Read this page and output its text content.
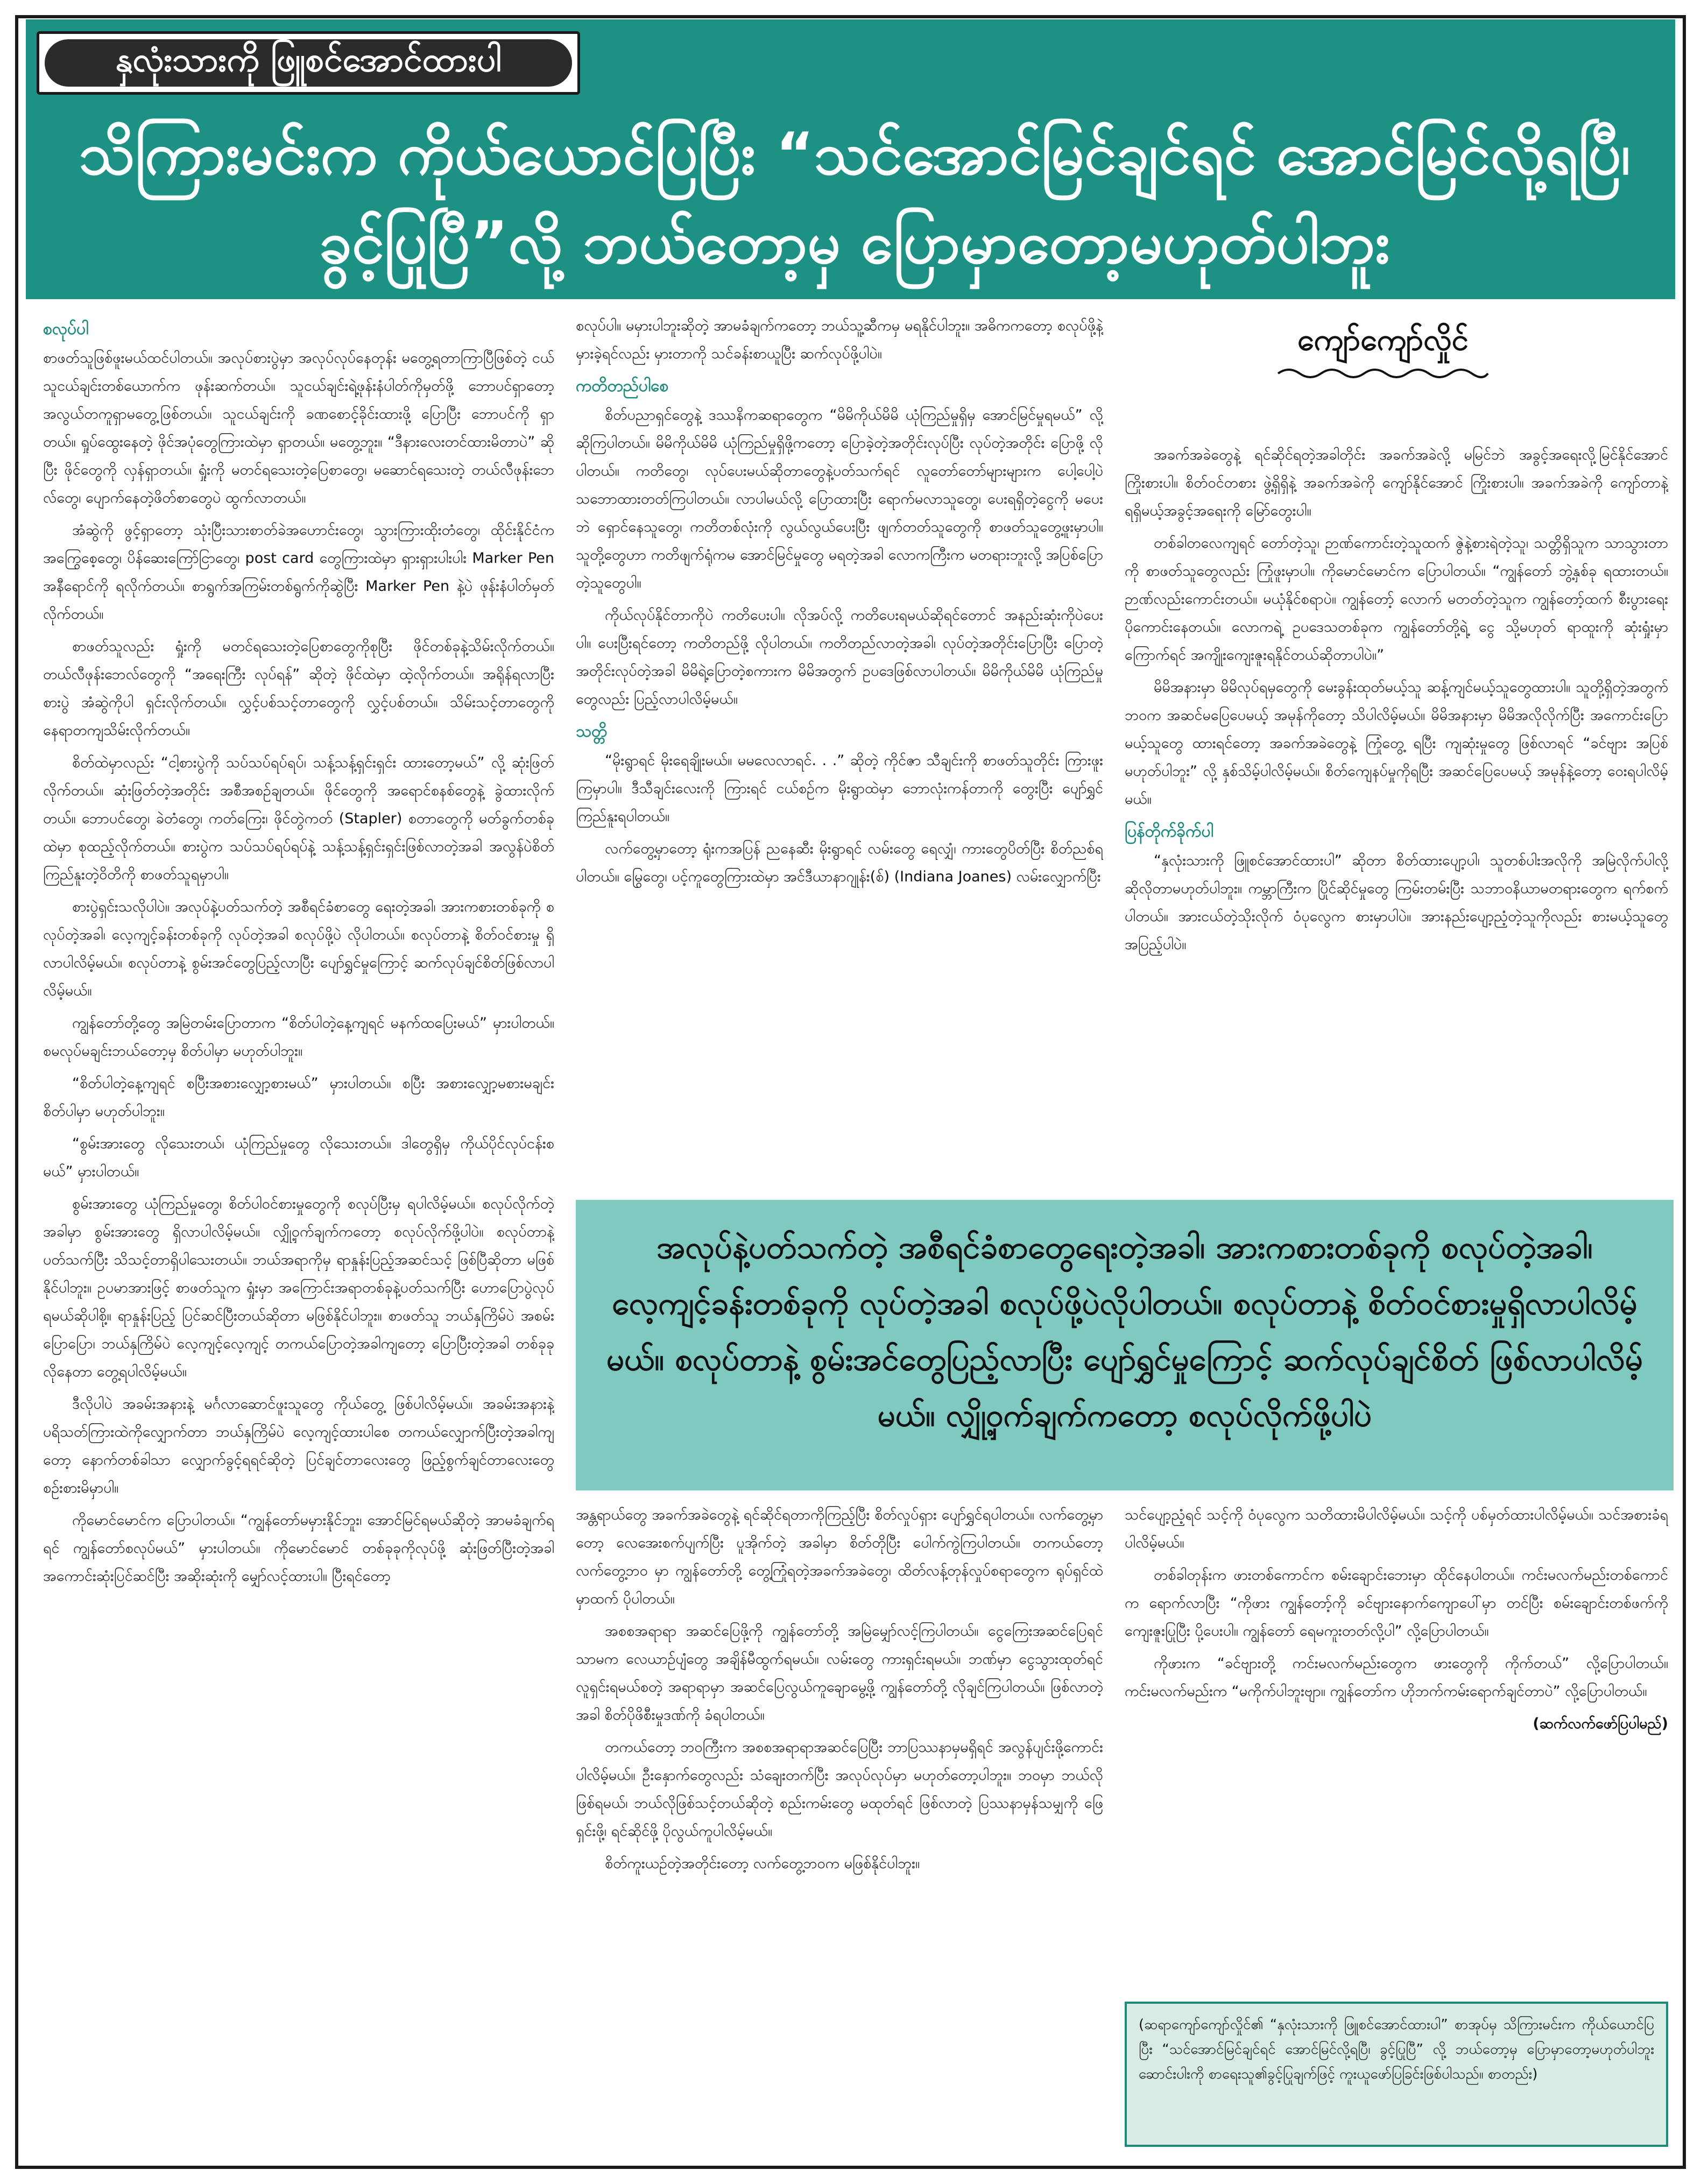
နှလုံးသားကို ဖြူစင်အောင်ထားပါ
သိကြားမင်းက ကိုယ်ယောင်ပြပြီး “သင်အောင်မြင်ချင်ရင် အောင်မြင်လို့ရပြီ၊ ခွင့်ပြုပြီ”လို့ ဘယ်တော့မှ ပြောမှာတော့မဟုတ်ပါဘူး
စလုပ်ပါ

စာဖတ်သူဖြစ်ဖူးမယ်ထင်ပါတယ်။ အလုပ်စားပွဲမှာ အလုပ်လုပ်နေတုန်း မတွေ့ရတာကြာပြီဖြစ်တဲ့ ငယ်သူငယ်ချင်းတစ်ယောက်က ဖုန်းဆက်တယ်။ သူငယ်ချင်းရဲ့ဖုန်းနံပါတ်ကိုမှတ်ဖို့ ဘောပင်ရှာတော့ အလွယ်တကူရှာမတွေ့ဖြစ်တယ်။ သူငယ်ချင်းကို ခဏစောင့်ခိုင်းထားဖို့ ပြောပြီး ဘောပင်ကို ရှာတယ်။ ရှုပ်ထွေးနေတဲ့ ဖိုင်အပုံတွေကြားထဲမှာ ရှာတယ်။ မတွေ့ဘူး။ “ဒီနားလေးတင်ထားမိတာပဲ” ဆိုပြီး ဖိုင်တွေကို လှန်ရှာတယ်။ ရှုံးကို မတင်ရသေးတဲ့ပြေစာတွေ၊ မဆောင်ရသေးတဲ့ တယ်လီဖုန်းဘေလ်တွေ၊ ပျောက်နေတဲ့ဖိတ်စာတွေပဲ ထွက်လာတယ်။

အံဆွဲကို ဖွင့်ရှာတော့ သုံးပြီးသားစာတ်ခဲအဟောင်းတွေ၊ သွားကြားထိုးတံတွေ၊ ထိုင်းနိုင်ငံက အကြွေစေ့တွေ၊ ပိန်ဆေးကြော်ငြာတွေ၊ post card တွေကြားထဲမှာ ရှားရှားပါးပါး Marker Pen အနီရောင်ကို ရလိုက်တယ်။ စာရွက်အကြမ်းတစ်ရွက်ကိုဆွဲပြီး Marker Pen နဲ့ပဲ ဖုန်းနံပါတ်မှတ်လိုက်တယ်။

စာဖတ်သူလည်း ရှုံးကို မတင်ရသေးတဲ့ပြေစာတွေကိုစုပြီး ဖိုင်တစ်ခုနဲ့သိမ်းလိုက်တယ်။ တယ်လီဖုန်းဘေလ်တွေကို “အရေးကြီး လုပ်ရန်” ဆိုတဲ့ ဖိုင်ထဲမှာ ထဲ့လိုက်တယ်။ အရိုန်ရလာပြီး စားပွဲ အံဆွဲကိုပါ ရှင်းလိုက်တယ်။ လွှင့်ပစ်သင့်တာတွေကို လွှင့်ပစ်တယ်။ သိမ်းသင့်တာတွေကို နေရာတကျသိမ်းလိုက်တယ်။

စိတ်ထဲမှာလည်း “ငါ့စားပွဲကို သပ်သပ်ရပ်ရပ်၊ သန့်သန့်ရှင်းရှင်း ထားတော့မယ်” လို့ ဆုံးဖြတ်လိုက်တယ်။ ဆုံးဖြတ်တဲ့အတိုင်း အစီအစဉ်ချတယ်။ ဖိုင်တွေကို အရောင်စနစ်တွေနဲ့ ခွဲထားလိုက်တယ်။ ဘောပင်တွေ၊ ခဲတံတွေ၊ ကတ်ကြေး၊ ဖိုင်တွဲကတ် (Stapler) စတာတွေကို မတ်ခွက်တစ်ခုထဲမှာ စုထည့်လိုက်တယ်။ စားပွဲက သပ်သပ်ရပ်ရပ်နဲ့ သန့်သန့်ရှင်းရှင်းဖြစ်လာတဲ့အခါ အလွန်ပဲစိတ်ကြည်နူးတဲ့ဝိတိကို စာဖတ်သူရမှာပါ။

စားပွဲရှင်းသလိုပါပဲ။ အလုပ်နဲ့ပတ်သက်တဲ့ အစီရင်ခံစာတွေ ရေးတဲ့အခါ၊ အားကစားတစ်ခုကို စလုပ်တဲ့အခါ၊ လေ့ကျင့်ခန်းတစ်ခုကို လုပ်တဲ့အခါ စလုပ်ဖို့ပဲ လိုပါတယ်။ စလုပ်တာနဲ့ စိတ်ဝင်စားမှု ရှိလာပါလိမ့်မယ်။ စလုပ်တာနဲ့ စွမ်းအင်တွေပြည့်လာပြီး ပျော်ရွှင်မှုကြောင့် ဆက်လုပ်ချင်စိတ်ဖြစ်လာပါလိမ့်မယ်။

ကျွန်တော်တို့တွေ အမြဲတမ်းပြောတာက “စိတ်ပါတဲ့နေ့ကျရင် မနက်ထပြေးမယ်” မှားပါတယ်။ စမလုပ်မချင်းဘယ်တော့မှ စိတ်ပါမှာ မဟုတ်ပါဘူး။

“စိတ်ပါတဲ့နေ့ကျရင် စပြီးအစားလျှော့စားမယ်” မှားပါတယ်။ စပြီး အစားလျှော့မစားမချင်း စိတ်ပါမှာ မဟုတ်ပါဘူး။

“စွမ်းအားတွေ လိုသေးတယ်၊ ယုံကြည်မှုတွေ လိုသေးတယ်။ ဒါတွေရှိမှ ကိုယ်ပိုင်လုပ်ငန်းစမယ်” မှားပါတယ်။

စွမ်းအားတွေ ယုံကြည်မှုတွေ၊ စိတ်ပါဝင်စားမှုတွေကို စလုပ်ပြီးမှ ရပါလိမ့်မယ်။ စလုပ်လိုက်တဲ့အခါမှာ စွမ်းအားတွေ ရှိလာပါလိမ့်မယ်။ လျှို့ဝှက်ချက်ကတော့ စလုပ်လိုက်ဖို့ပါပဲ။ စလုပ်တာနဲ့ပတ်သက်ပြီး သိသင့်တာရှိပါသေးတယ်။ ဘယ်အရာကိုမှ ရာနှုန်းပြည့်အဆင်သင့် ဖြစ်ပြီဆိုတာ မဖြစ်နိုင်ပါဘူး။ ဥပမာအားဖြင့် စာဖတ်သူက ရှုံးမှာ အကြောင်းအရာတစ်ခုနဲ့ပတ်သက်ပြီး ဟောပြောပွဲလုပ်ရမယ်ဆိုပါစို့။ ရာနှုန်းပြည့် ပြင်ဆင်ပြီးတယ်ဆိုတာ မဖြစ်နိုင်ပါဘူး။ စာဖတ်သူ ဘယ်နှကြိမ်ပဲ အစမ်းပြောပြော၊ ဘယ်နှကြိမ်ပဲ လေ့ကျင့်လေ့ကျင့် တကယ်ပြောတဲ့အခါကျတော့ ပြောပြီးတဲ့အခါ တစ်ခုခုလိုနေတာ တွေ့ရပါလိမ့်မယ်။

ဒီလိုပါပဲ အခမ်းအနားနဲ့ မင်္ဂလာဆောင်ဖူးသူတွေ ကိုယ်တွေ့ ဖြစ်ပါလိမ့်မယ်။ အခမ်းအနားနဲ့ ပရိသတ်ကြားထဲကိုလျှောက်တာ ဘယ်နှကြိမ်ပဲ လေ့ကျင့်ထားပါစေ တကယ်လျှောက်ပြီးတဲ့အခါကျတော့ နောက်တစ်ခါသာ လျှောက်ခွင့်ရရင်ဆိုတဲ့ ပြင်ချင်တာလေးတွေ ဖြည့်စွက်ချင်တာလေးတွေ စဉ်းစားမိမှာပါ။

ကိုမောင်မောင်က ပြောပါတယ်။ “ကျွန်တော်မမှားနိုင်ဘူး၊ အောင်မြင်ရမယ်ဆိုတဲ့ အာမခံချက်ရရင် ကျွန်တော်စလုပ်မယ်” မှားပါတယ်။ ကိုမောင်မောင် တစ်ခုခုကိုလုပ်ဖို့ ဆုံးဖြတ်ပြီးတဲ့အခါ အကောင်းဆုံးပြင်ဆင်ပြီး အဆိုးဆုံးကို မျှော်လင့်ထားပါ။ ပြီးရင်တော့

စလုပ်ပါ။ မမှားပါဘူးဆိုတဲ့ အာမခံချက်ကတော့ ဘယ်သူ့ဆီကမှ မရနိုင်ပါဘူး။ အဓိကကတော့ စလုပ်ဖို့နဲ့ မှားခဲ့ရင်လည်း မှားတာကို သင်ခန်းစာယူပြီး ဆက်လုပ်ဖို့ပါပဲ။

ကတိတည်ပါစေ

စိတ်ပညာရှင်တွေနဲ့ ဒဿနိကဆရာတွေက “မိမိကိုယ်မိမိ ယုံကြည်မှုရှိမှ အောင်မြင်မှုရမယ်” လို့ ဆိုကြပါတယ်။ မိမိကိုယ်မိမိ ယုံကြည်မှုရှိဖို့ကတော့ ပြောခဲ့တဲ့အတိုင်းလုပ်ပြီး လုပ်တဲ့အတိုင်း ပြောဖို့ လိုပါတယ်။ ကတိတွေ၊ လုပ်ပေးမယ်ဆိုတာတွေနဲ့ပတ်သက်ရင် လူတော်တော်များများက ပေါ့ပေါ့ပဲသဘောထားတတ်ကြပါတယ်။ လာပါမယ်လို့ ပြောထားပြီး ရောက်မလာသူတွေ၊ ပေးရရှိတဲ့ငွေကို မပေးဘဲ ရှောင်နေသူတွေ၊ ကတိတစ်လုံးကို လွယ်လွယ်ပေးပြီး ဖျက်တတ်သူတွေကို စာဖတ်သူတွေ့ဖူးမှာပါ။ သူတို့တွေဟာ ကတိဖျက်ရုံကမ အောင်မြင်မှုတွေ မရတဲ့အခါ လောကကြီးက မတရားဘူးလို့ အပြစ်ပြောတဲ့သူတွေပါ။

ကိုယ်လုပ်နိုင်တာကိုပဲ ကတိပေးပါ။ လိုအပ်လို့ ကတိပေးရမယ်ဆိုရင်တောင် အနည်းဆုံးကိုပဲပေးပါ။ ပေးပြီးရင်တော့ ကတိတည်ဖို့ လိုပါတယ်။ ကတိတည်လာတဲ့အခါ၊ လုပ်တဲ့အတိုင်းပြောပြီး ပြောတဲ့အတိုင်းလုပ်တဲ့အခါ မိမိရဲ့ပြောတဲ့စကားက မိမိအတွက် ဥပဒေဖြစ်လာပါတယ်။ မိမိကိုယ်မိမိ ယုံကြည်မှုတွေလည်း ပြည့်လာပါလိမ့်မယ်။

သတ္တိ

“မိုးရွာရင် မိုးရေချိုးမယ်။ မမလေလာရင်. . .” ဆိုတဲ့ ကိုင်ဇာ သီချင်းကို စာဖတ်သူတိုင်း ကြားဖူးကြမှာပါ။ ဒီသီချင်းလေးကို ကြားရင် ငယ်စဉ်က မိုးရွာထဲမှာ ဘောလုံးကန်တာကို တွေးပြီး ပျော်ရွှင်ကြည်နူးရပါတယ်။

လက်တွေ့မှာတော့ ရုံးကအပြန် ညနေဆီး မိုးရွာရင် လမ်းတွေ ရေလျှံ၊ ကားတွေပိတ်ပြီး စိတ်ညစ်ရပါတယ်။ မြွေတွေ၊ ပင့်ကူတွေကြားထဲမှာ အင်ဒီယာနာဂျုန်း(စ်) (Indiana Joanes) လမ်းလျှောက်ပြီး

ကျော်ကျော်လှိုင်

အခက်အခဲတွေနဲ့ ရင်ဆိုင်ရတဲ့အခါတိုင်း အခက်အခဲလို့ မမြင်ဘဲ အခွင့်အရေးလို့မြင်နိုင်အောင် ကြိုးစားပါ။ စိတ်ဝင်တစား ဖွဲ့ရှိရှိနဲ့ အခက်အခဲကို ကျော်နိုင်အောင် ကြိုးစားပါ။ အခက်အခဲကို ကျော်တာနဲ့ ရရှိမယ့်အခွင့်အရေးကို မြော်တွေးပါ။

တစ်ခါတလေကျရင် တော်တဲ့သူ၊ ဉာဏ်ကောင်းတဲ့သူထက် ဇွဲနဲ့စားရဲတဲ့သူ၊ သတ္တိရှိသူက သာသွားတာကို စာဖတ်သူတွေလည်း ကြုံဖူးမှာပါ။ ကိုမောင်မောင်က ပြောပါတယ်။ “ကျွန်တော် ဘွဲ့နှစ်ခု ရထားတယ်။ ဉာဏ်လည်းကောင်းတယ်။ မယုံနိုင်စရာပဲ။ ကျွန်တော့် လောက် မတတ်တဲ့သူက ကျွန်တော့်ထက် စီးပွားရေးပိုကောင်းနေတယ်။ လောကရဲ့ ဥပဒေသတစ်ခုက ကျွန်တော်တို့ရဲ့ ငွေ သို့မဟုတ် ရာထူးကို ဆုံးရှုံးမှာကြောက်ရင် အကျိုးကျေးဇူးရနိုင်တယ်ဆိုတာပါပဲ။”

မိမိအနားမှာ မိမိလုပ်ရမှတွေကို မေးခွန်းထုတ်မယ့်သူ ဆန့်ကျင်မယ့်သူတွေထားပါ။ သူတို့ရှိတဲ့အတွက် ဘဝက အဆင်မပြေပေမယ့် အမုန်ကိုတော့ သိပါလိမ့်မယ်။ မိမိအနားမှာ မိမိအလိုလိုက်ပြီး အကောင်းပြောမယ့်သူတွေ ထားရင်တော့ အခက်အခဲတွေနဲ့ ကြုံတွေ့ ရပြီး ကျဆုံးမှုတွေ ဖြစ်လာရင် “ခင်ဗျား အပြစ်မဟုတ်ပါဘူး” လို့ နှစ်သိမ့်ပါလိမ့်မယ်။ စိတ်ကျေနပ်မှုကိုရပြီး အဆင်ပြေပေမယ့် အမုန်နဲ့တော့ ဝေးရပါလိမ့်မယ်။

ပြန်တိုက်ခိုက်ပါ

“နှလုံးသားကို ဖြူစင်အောင်ထားပါ” ဆိုတာ စိတ်ထားပျော့ပါ၊ သူတစ်ပါးအလိုကို အမြဲလိုက်ပါလို့ ဆိုလိုတာမဟုတ်ပါဘူး။ ကမ္ဘာကြီးက ပြိုင်ဆိုင်မှုတွေ ကြမ်းတမ်းပြီး သဘာဝနိယာမတရားတွေက ရက်စက်ပါတယ်။ အားငယ်တဲ့သိုးလိုက် ဝံပုလွေက စားမှာပါပဲ။ အားနည်းပျော့ညံ့တဲ့သူကိုလည်း စားမယ့်သူတွေ အပြည့်ပါပဲ။

အလုပ်နဲ့ပတ်သက်တဲ့ အစီရင်ခံစာတွေရေးတဲ့အခါ၊ အားကစားတစ်ခုကို စလုပ်တဲ့အခါ၊ လေ့ကျင့်ခန်းတစ်ခုကို လုပ်တဲ့အခါ စလုပ်ဖို့ပဲလိုပါတယ်။ စလုပ်တာနဲ့ စိတ်ဝင်စားမှုရှိလာပါလိမ့်မယ်။ စလုပ်တာနဲ့ စွမ်းအင်တွေပြည့်လာပြီး ပျော်ရွှင်မှုကြောင့် ဆက်လုပ်ချင်စိတ် ဖြစ်လာပါလိမ့်မယ်။ လျှို့ဝှက်ချက်ကတော့ စလုပ်လိုက်ဖို့ပါပဲ

အန္တရာယ်တွေ အခက်အခဲတွေနဲ့ ရင်ဆိုင်ရတာကိုကြည့်ပြီး စိတ်လှုပ်ရှား ပျော်ရွှင်ရပါတယ်။ လက်တွေ့မှာတော့ လေအေးစက်ပျက်ပြီး ပူအိုက်တဲ့ အခါမှာ စိတ်တိုပြီး ပေါက်ကွဲကြပါတယ်။ တကယ်တော့ လက်တွေ့ဘဝ မှာ ကျွန်တော်တို့ တွေ့ကြုံရတဲ့အခက်အခဲတွေ၊ ထိတ်လန့်တုန်လှုပ်စရာတွေက ရုပ်ရှင်ထဲမှာထက် ပိုပါတယ်။

အစစအရာရာ အဆင်ပြေဖို့ကို ကျွန်တော်တို့ အမြဲမျှော်လင့်ကြပါတယ်။ ငွေကြေးအဆင်ပြေရင်သာမက လေယာဉ်ပျံတွေ အချိန်မီထွက်ရမယ်။ လမ်းတွေ ကားရှင်းရမယ်။ ဘဏ်မှာ ငွေသွားထုတ်ရင် လူရှင်းရမယ်စတဲ့ အရာရာမှာ အဆင်ပြေလွယ်ကူချောမွေ့ဖို့ ကျွန်တော်တို့ လိုချင်ကြပါတယ်။ ဖြစ်လာတဲ့အခါ စိတ်ပိုဖိစီးမှုဒဏ်ကို ခံရပါတယ်။

တကယ်တော့ ဘဝကြီးက အစစအရာရာအဆင်ပြေပြီး ဘာပြဿနာမှမရှိရင် အလွန်ပျင်းဖို့ကောင်းပါလိမ့်မယ်။ ဦးနှောက်တွေလည်း သံချေးတက်ပြီး အလုပ်လုပ်မှာ မဟုတ်တော့ပါဘူး။ ဘဝမှာ ဘယ်လိုဖြစ်ရမယ်၊ ဘယ်လိုဖြစ်သင့်တယ်ဆိုတဲ့ စည်းကမ်းတွေ မထုတ်ရင် ဖြစ်လာတဲ့ ပြဿနာမှန်သမျှကို ဖြေရှင်းဖို့၊ ရင်ဆိုင်ဖို့ ပိုလွယ်ကူပါလိမ့်မယ်။

စိတ်ကူးယဉ်တဲ့အတိုင်းတော့ လက်တွေ့ဘဝက မဖြစ်နိုင်ပါဘူး။

သင်ပျော့ညံ့ရင် သင့်ကို ဝံပုလွေက သတိထားမိပါလိမ့်မယ်။ သင့်ကို ပစ်မှတ်ထားပါလိမ့်မယ်။ သင်အစားခံရပါလိမ့်မယ်။

တစ်ခါတုန်းက ဖားတစ်ကောင်က စမ်းချောင်းဘေးမှာ ထိုင်နေပါတယ်။ ကင်းမလက်မည်းတစ်ကောင်က ရောက်လာပြီး “ကိုဖား ကျွန်တော့်ကို ခင်ဗျားနောက်ကျောပေါ်မှာ တင်ပြီး စမ်းချောင်းတစ်ဖက်ကို ကျေးဇူးပြုပြီး ပို့ပေးပါ။ ကျွန်တော် ရေမကူးတတ်လို့ပါ” လို့ပြောပါတယ်။

ကိုဖားက “ခင်ဗျားတို့ ကင်းမလက်မည်းတွေက ဖားတွေကို ကိုက်တယ်” လို့ပြောပါတယ်။ ကင်းမလက်မည်းက “မကိုက်ပါဘူးဗျာ။ ကျွန်တော်က ဟိုဘက်ကမ်းရောက်ချင်တာပဲ” လို့ပြောပါတယ်။

(ဆက်လက်ဖော်ပြပါမည်)
(ဆရာကျော်ကျော်လှိုင်၏ “နှလုံးသားကို ဖြူစင်အောင်ထားပါ” စာအုပ်မှ သိကြားမင်းက ကိုယ်ယောင်ပြပြီး “သင်အောင်မြင်ချင်ရင် အောင်မြင်လို့ရပြီ၊ ခွင့်ပြုပြီ” လို့ ဘယ်တော့မှ ပြောမှာတော့မဟုတ်ပါဘူး ဆောင်းပါးကို စာရေးသူ၏ခွင့်ပြုချက်ဖြင့် ကူးယူဖော်ပြခြင်းဖြစ်ပါသည်။ စာတည်း)
